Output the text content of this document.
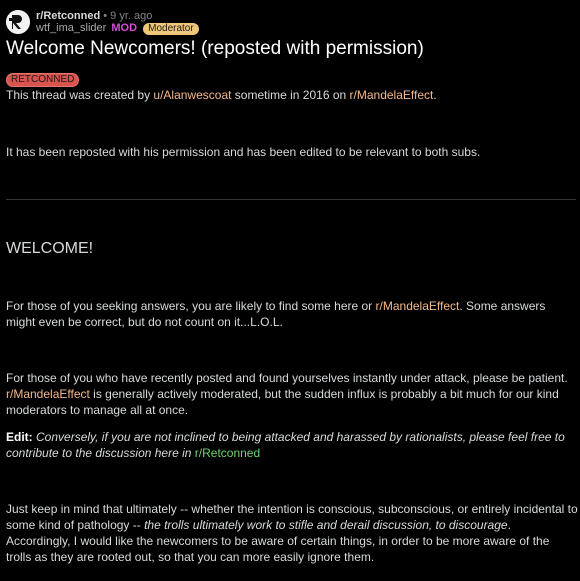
r/Retconned • 9 yr. ago
wtf_ima_slider MOD Moderator
Welcome Newcomers! (reposted with permission)
RETCONNED

This thread was created by u/Alanwescoat sometime in 2016 on r/MandelaEffect.

It has been reposted with his permission and has been edited to be relevant to both subs.
WELCOME!
For those of you seeking answers, you are likely to find some here or r/MandelaEffect. Some answers might even be correct, but do not count on it...L.O.L.
For those of you who have recently posted and found yourselves instantly under attack, please be patient. r/MandelaEffect is generally actively moderated, but the sudden influx is probably a bit much for our kind moderators to manage all at once.
Edit: Conversely, if you are not inclined to being attacked and harassed by rationalists, please feel free to contribute to the discussion here in r/Retconned
Just keep in mind that ultimately -- whether the intention is conscious, subconscious, or entirely incidental to some kind of pathology -- the trolls ultimately work to stifle and derail discussion, to discourage. Accordingly, I would like the newcomers to be aware of certain things, in order to be more aware of the trolls as they are rooted out, so that you can more easily ignore them.
